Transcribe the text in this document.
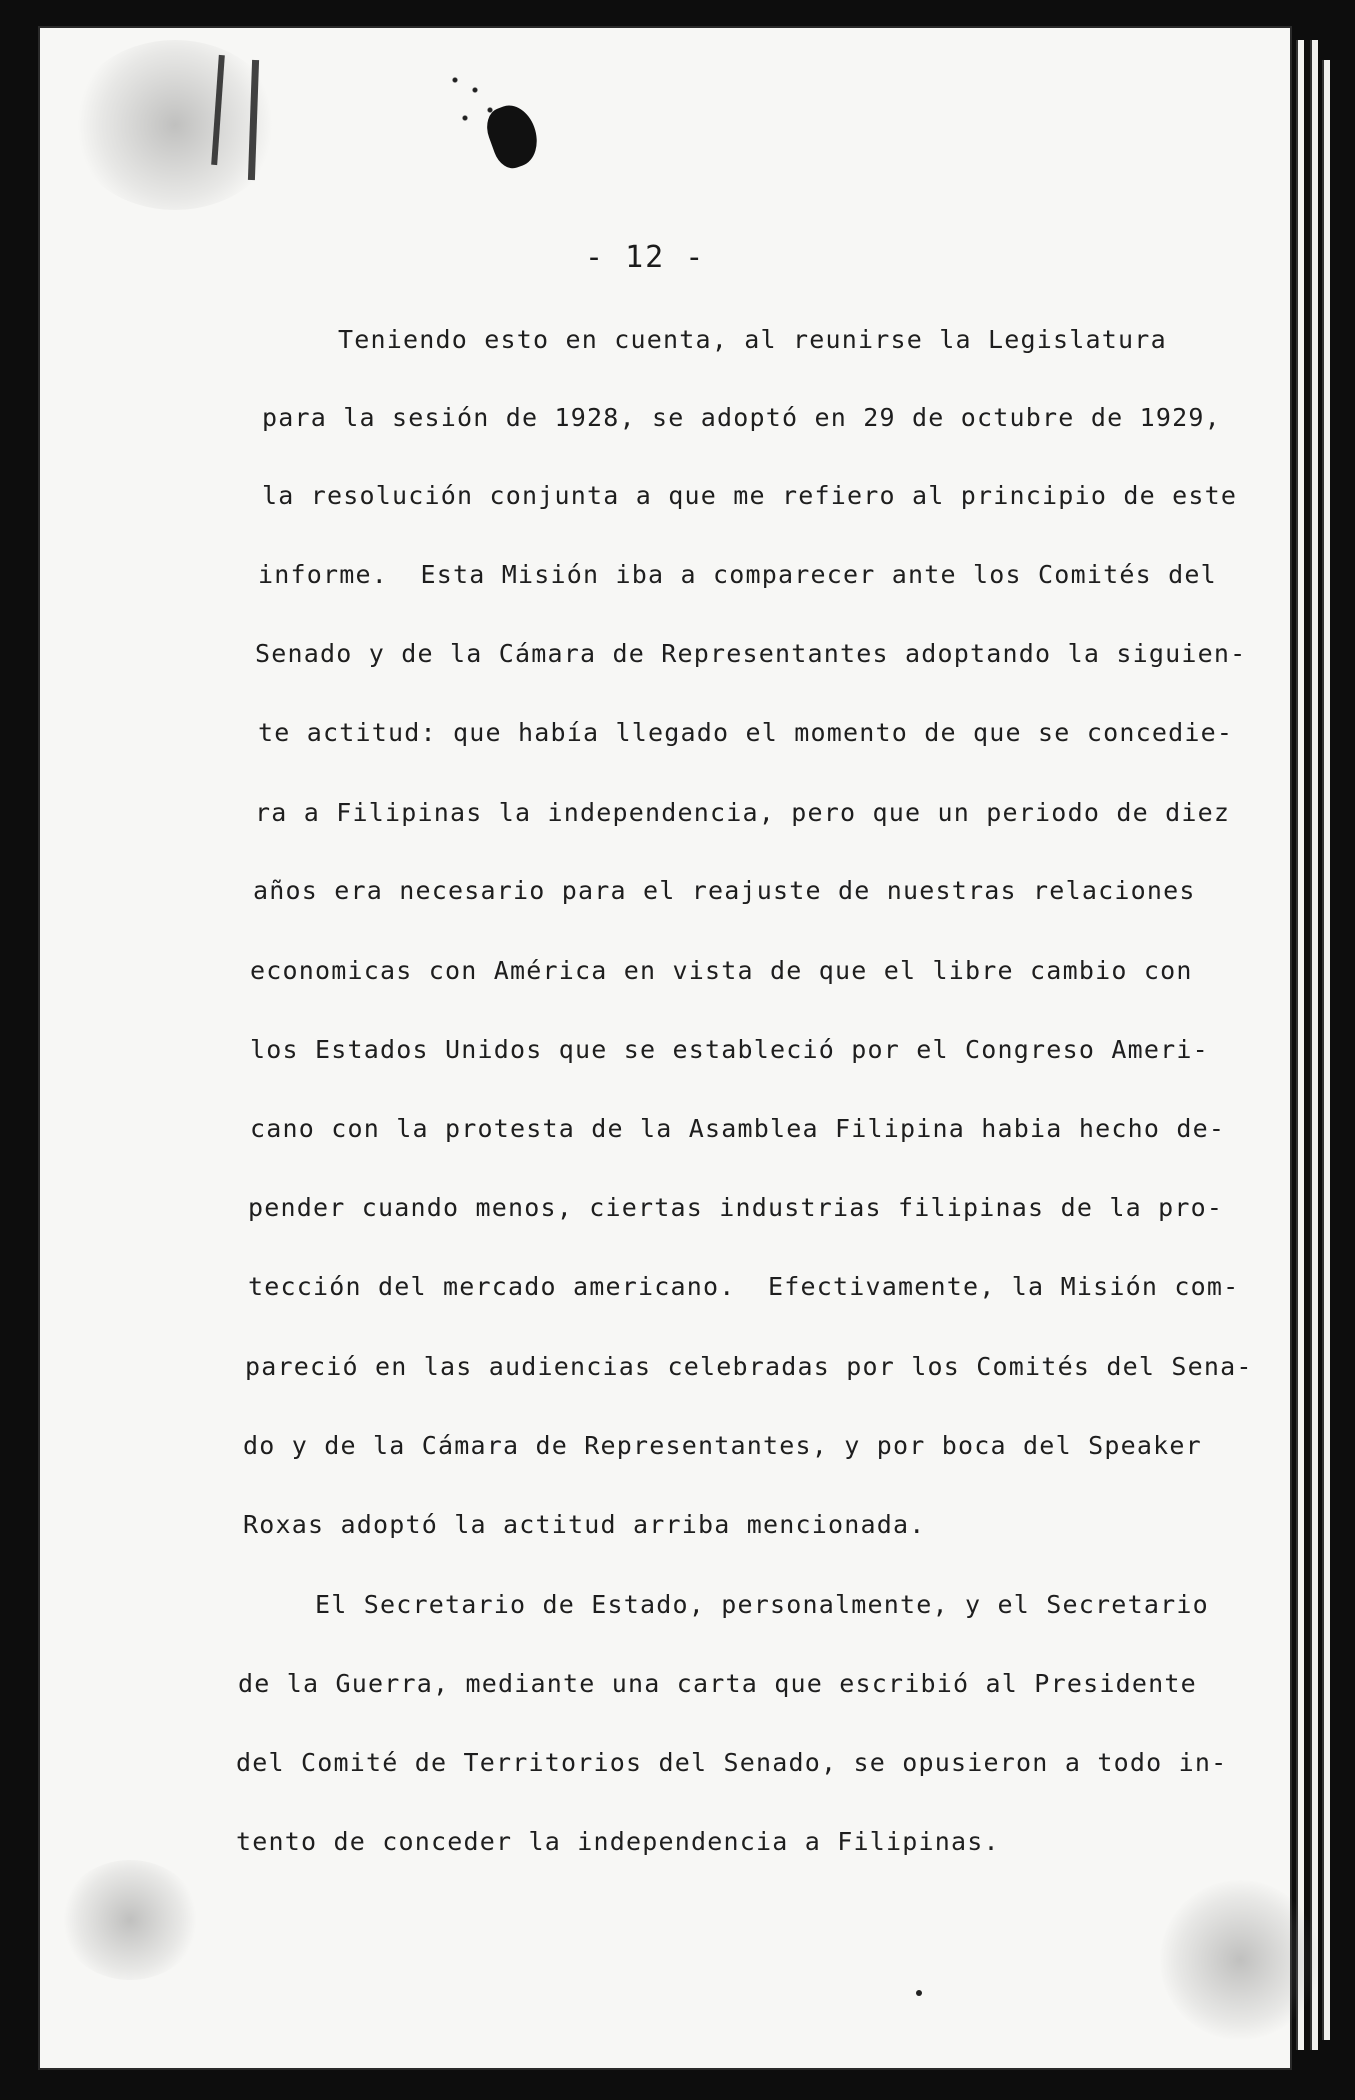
- 12 -
Teniendo esto en cuenta, al reunirse la Legislatura
para la sesión de 1928, se adoptó en 29 de octubre de 1929,
la resolución conjunta a que me refiero al principio de este
informe.  Esta Misión iba a comparecer ante los Comités del
Senado y de la Cámara de Representantes adoptando la siguien-
te actitud: que había llegado el momento de que se concediе-
ra a Filipinas la independencia, pero que un periodo de diez
años era necesario para el reajuste de nuestras relaciones
economicas con América en vista de que el libre cambio con
los Estados Unidos que se estableció por el Congreso Ameri-
cano con la protesta de la Asamblea Filipina habia hecho de-
pender cuando menos, ciertas industrias filipinas de la pro-
tección del mercado americano.  Efectivamente, la Misión com-
pareció en las audiencias celebradas por los Comités del Sena-
do y de la Cámara de Representantes, y por boca del Speaker
Roxas adoptó la actitud arriba mencionada.
El Secretario de Estado, personalmente, y el Secretario
de la Guerra, mediante una carta que escribió al Presidente
del Comité de Territorios del Senado, se opusieron a todo in-
tento de conceder la independencia a Filipinas.
